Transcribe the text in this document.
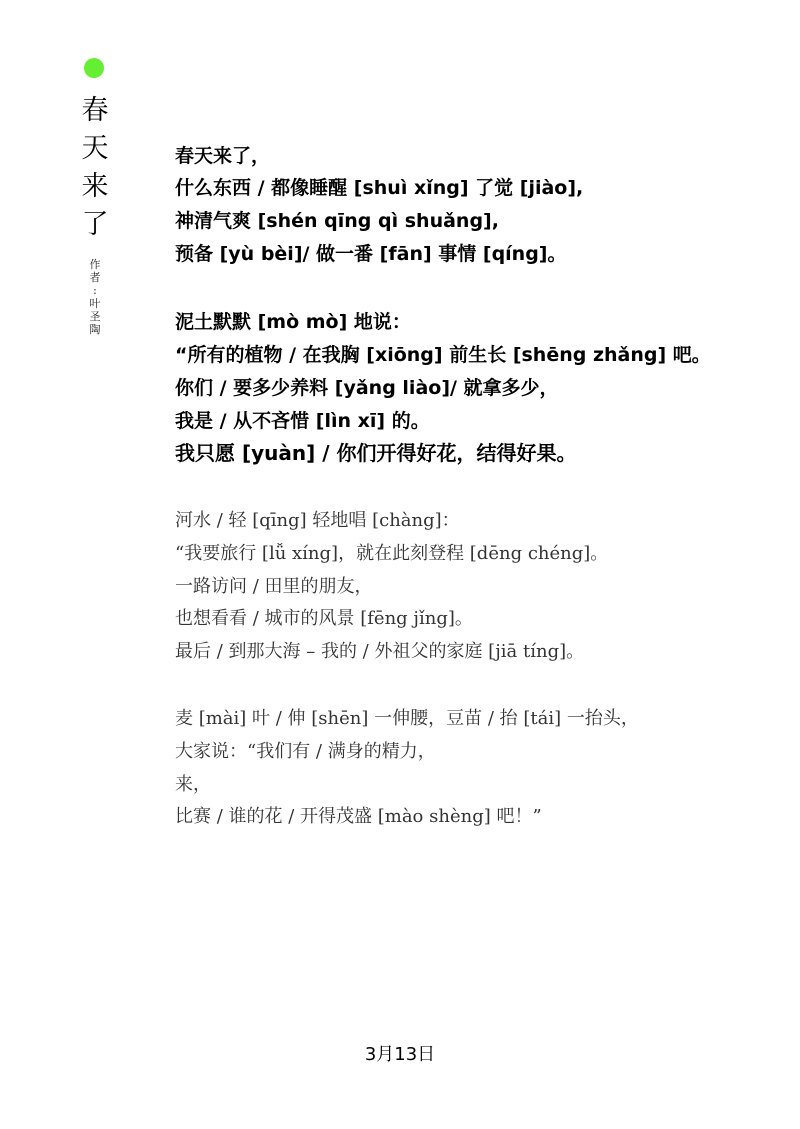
春
天
来
了
作
者
:
叶
圣
陶
春天来了，
什么东西 / 都像睡醒 [shuì xǐng] 了觉 [jiào],
神清气爽 [shén qīng qì shuǎng],
预备 [yù bèi]/ 做一番 [fān] 事情 [qíng]。
泥土默默 [mò mò] 地说：
“所有的植物 / 在我胸 [xiōng] 前生长 [shēng zhǎng] 吧。
你们 / 要多少养料 [yǎng liào]/ 就拿多少，
我是 / 从不吝惜 [lìn xī] 的。
我只愿 [yuàn] / 你们开得好花，结得好果。
河水 / 轻 [qīng] 轻地唱 [chàng]：
“我要旅行 [lǚ xíng]，就在此刻登程 [dēng chéng]。
一路访问 / 田里的朋友，
也想看看 / 城市的风景 [fēng jǐng]。
最后 / 到那大海 – 我的 / 外祖父的家庭 [jiā tíng]。
麦 [mài] 叶 / 伸 [shēn] 一伸腰，豆苗 / 抬 [tái] 一抬头，
大家说：“我们有 / 满身的精力，
来，
比赛 / 谁的花 / 开得茂盛 [mào shèng] 吧！”
3月13日
